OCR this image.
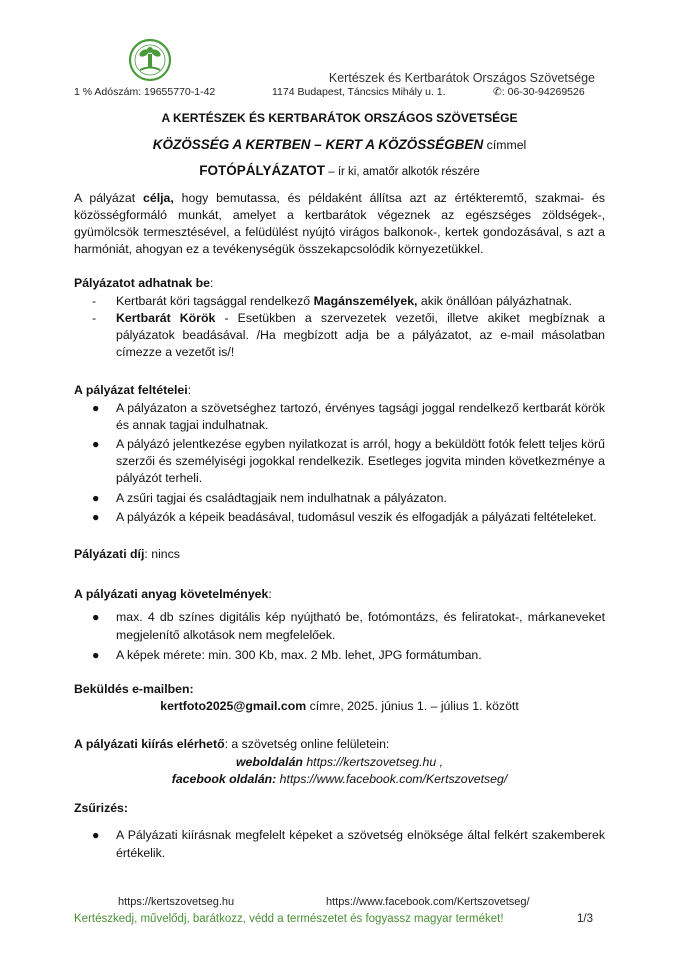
Kertészek és Kertbarátok Országos Szövetsége
1 % Adószám: 19655770-1-42	1174 Budapest, Táncsics Mihály u. 1.	✆: 06-30-94269526

A KERTÉSZEK ÉS KERTBARÁTOK ORSZÁGOS SZÖVETSÉGE

KÖZÖSSÉG A KERTBEN – KERT A KÖZÖSSÉGBEN címmel

FOTÓPÁLYÁZATOT – ír ki, amatőr alkotók részére

A pályázat célja, hogy bemutassa, és példaként állítsa azt az értékteremtő, szakmai- és közösségformáló munkát, amelyet a kertbarátok végeznek az egészséges zöldségek-, gyümölcsök termesztésével, a felüdülést nyújtó virágos balkonok-, kertek gondozásával, s azt a harmóniát, ahogyan ez a tevékenységük összekapcsolódik környezetükkel.

Pályázatot adhatnak be:

- Kertbarát köri tagsággal rendelkező Magánszemélyek, akik önállóan pályázhatnak.
- Kertbarát Körök - Esetükben a szervezetek vezetői, illetve akiket megbíznak a pályázatok beadásával. /Ha megbízott adja be a pályázatot, az e-mail másolatban címezze a vezetőt is/!

A pályázat feltételei:

● A pályázaton a szövetséghez tartozó, érvényes tagsági joggal rendelkező kertbarát körök és annak tagjai indulhatnak.
● A pályázó jelentkezése egyben nyilatkozat is arról, hogy a beküldött fotók felett teljes körű szerzői és személyiségi jogokkal rendelkezik. Esetleges jogvita minden következménye a pályázót terheli.
● A zsűri tagjai és családtagjaik nem indulhatnak a pályázaton.
● A pályázók a képeik beadásával, tudomásul veszik és elfogadják a pályázati feltételeket.

Pályázati díj: nincs

A pályázati anyag követelmények:

● max. 4 db színes digitális kép nyújtható be, fotómontázs, és feliratokat-, márkaneveket megjelenítő alkotások nem megfelelőek.
● A képek mérete: min. 300 Kb, max. 2 Mb. lehet, JPG formátumban.

Beküldés e-mailben:

kertfoto2025@gmail.com címre, 2025. június 1. – július 1. között

A pályázati kiírás elérhető: a szövetség online felületein:

weboldalán https://kertszovetseg.hu ,

facebook oldalán: https://www.facebook.com/Kertszovetseg/

Zsűrizés:

● A Pályázati kiírásnak megfelelt képeket a szövetség elnöksége által felkért szakemberek értékelik.
https://kertszovetseg.hu	https://www.facebook.com/Kertszovetseg/
Kertészkedj, művelődj, barátkozz, védd a természetet és fogyassz magyar terméket!	1/3
